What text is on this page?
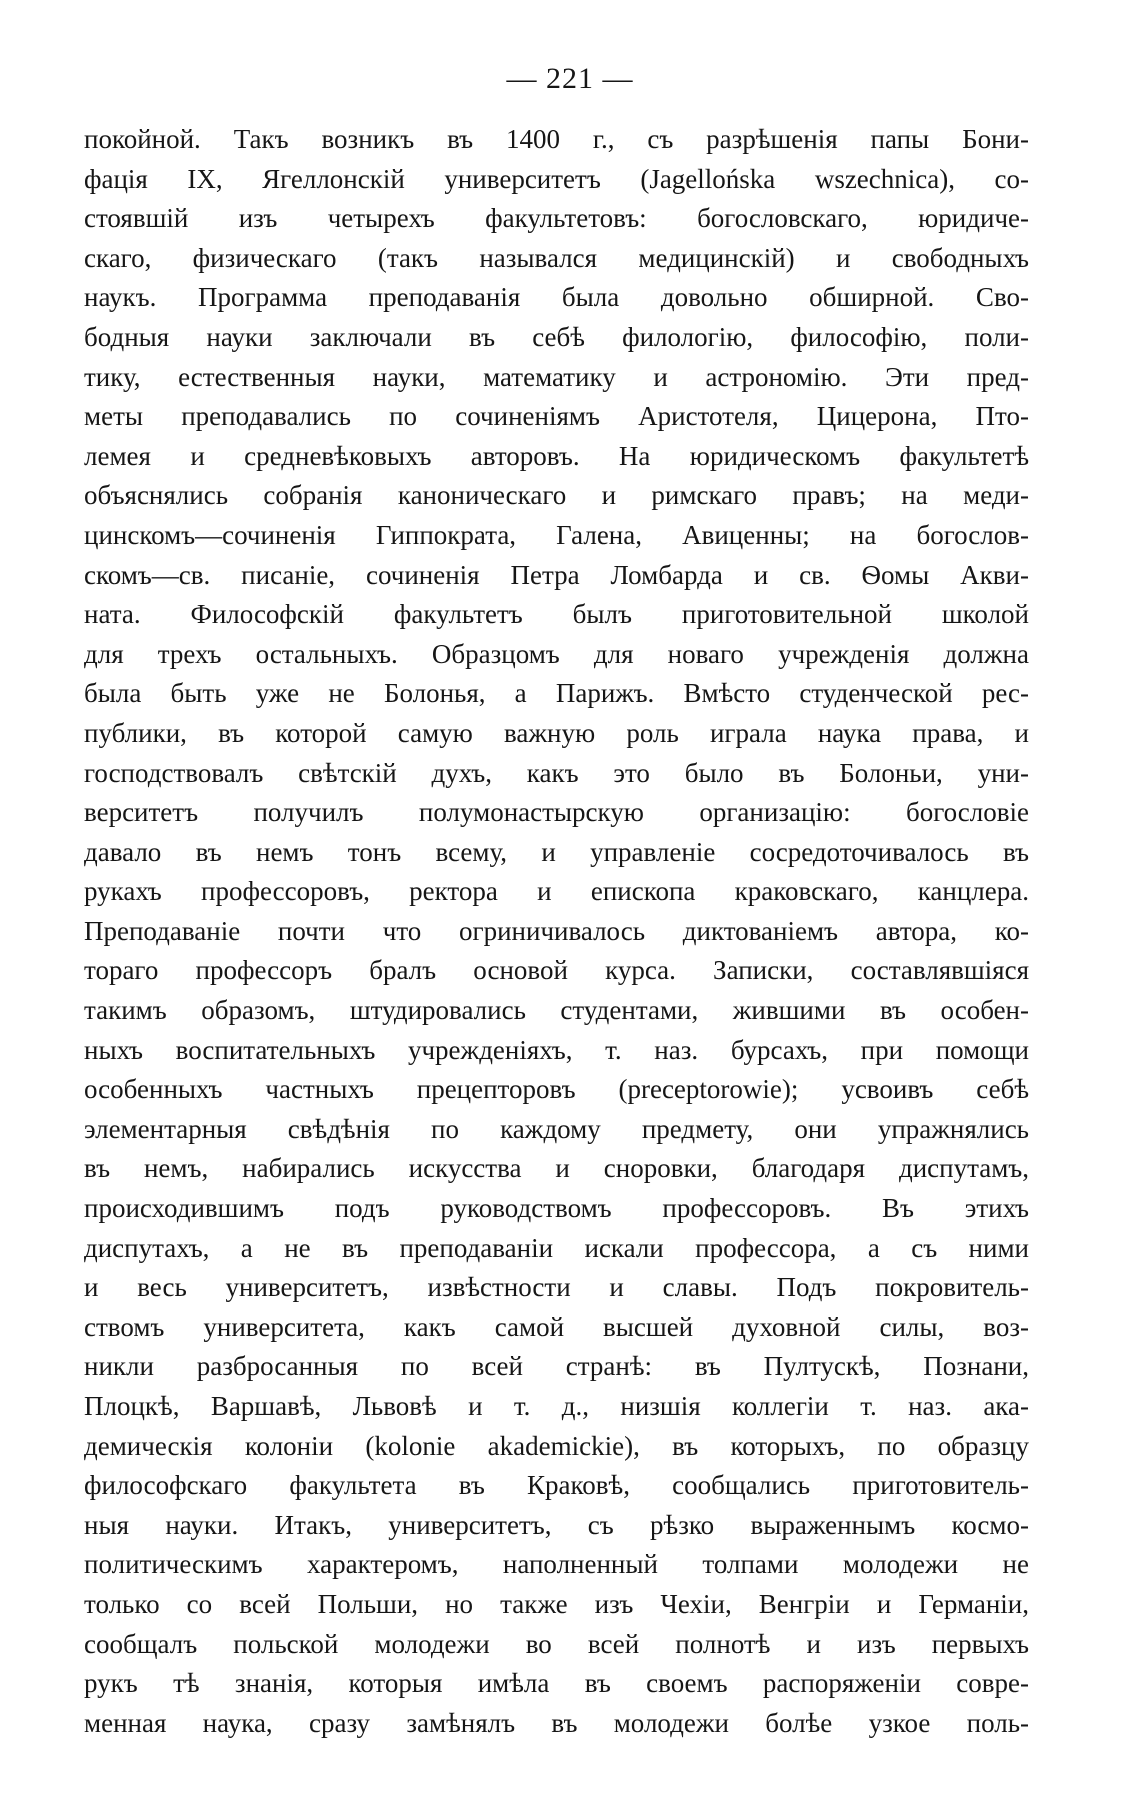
— 221 —
покойной. Такъ возникъ въ 1400 г., съ разрѣшенія папы Бони-
фація IX, Ягеллонскій университетъ (Jagellońska wszechnica), со-
стоявшій изъ четырехъ факультетовъ: богословскаго, юридиче-
скаго, физическаго (такъ назывался медицинскій) и свободныхъ
наукъ. Программа преподаванія была довольно обширной. Сво-
бодныя науки заключали въ себѣ филологію, философію, поли-
тику, естественныя науки, математику и астрономію. Эти пред-
меты преподавались по сочиненіямъ Аристотеля, Цицерона, Пто-
лемея и средневѣковыхъ авторовъ. На юридическомъ факультетѣ
объяснялись собранія каноническаго и римскаго правъ; на меди-
цинскомъ—сочиненія Гиппократа, Галена, Авиценны; на богослов-
скомъ—св. писаніе, сочиненія Петра Ломбарда и св. Ѳомы Акви-
ната. Философскій факультетъ былъ приготовительной школой
для трехъ остальныхъ. Образцомъ для новаго учрежденія должна
была быть уже не Болонья, а Парижъ. Вмѣсто студенческой рес-
публики, въ которой самую важную роль играла наука права, и
господствовалъ свѣтскій духъ, какъ это было въ Болоньи, уни-
верситетъ получилъ полумонастырскую организацію: богословіе
давало въ немъ тонъ всему, и управленіе сосредоточивалось въ
рукахъ профессоровъ, ректора и епископа краковскаго, канцлера.
Преподаваніе почти что огриничивалось диктованіемъ автора, ко-
тораго профессоръ бралъ основой курса. Записки, составлявшіяся
такимъ образомъ, штудировались студентами, жившими въ особен-
ныхъ воспитательныхъ учрежденіяхъ, т. наз. бурсахъ, при помощи
особенныхъ частныхъ прецепторовъ (preceptorowie); усвоивъ себѣ
элементарныя свѣдѣнія по каждому предмету, они упражнялись
въ немъ, набирались искусства и сноровки, благодаря диспутамъ,
происходившимъ подъ руководствомъ профессоровъ. Въ этихъ
диспутахъ, а не въ преподаваніи искали профессора, а съ ними
и весь университетъ, извѣстности и славы. Подъ покровитель-
ствомъ университета, какъ самой высшей духовной силы, воз-
никли разбросанныя по всей странѣ: въ Пултускѣ, Познани,
Плоцкѣ, Варшавѣ, Львовѣ и т. д., низшія коллегіи т. наз. ака-
демическія колоніи (kolonie akademickie), въ которыхъ, по образцу
философскаго факультета въ Краковѣ, сообщались приготовитель-
ныя науки. Итакъ, университетъ, съ рѣзко выраженнымъ космо-
политическимъ характеромъ, наполненный толпами молодежи не
только со всей Польши, но также изъ Чехіи, Венгріи и Германіи,
сообщалъ польской молодежи во всей полнотѣ и изъ первыхъ
рукъ тѣ знанія, которыя имѣла въ своемъ распоряженіи совре-
менная наука, сразу замѣнялъ въ молодежи болѣе узкое поль-
